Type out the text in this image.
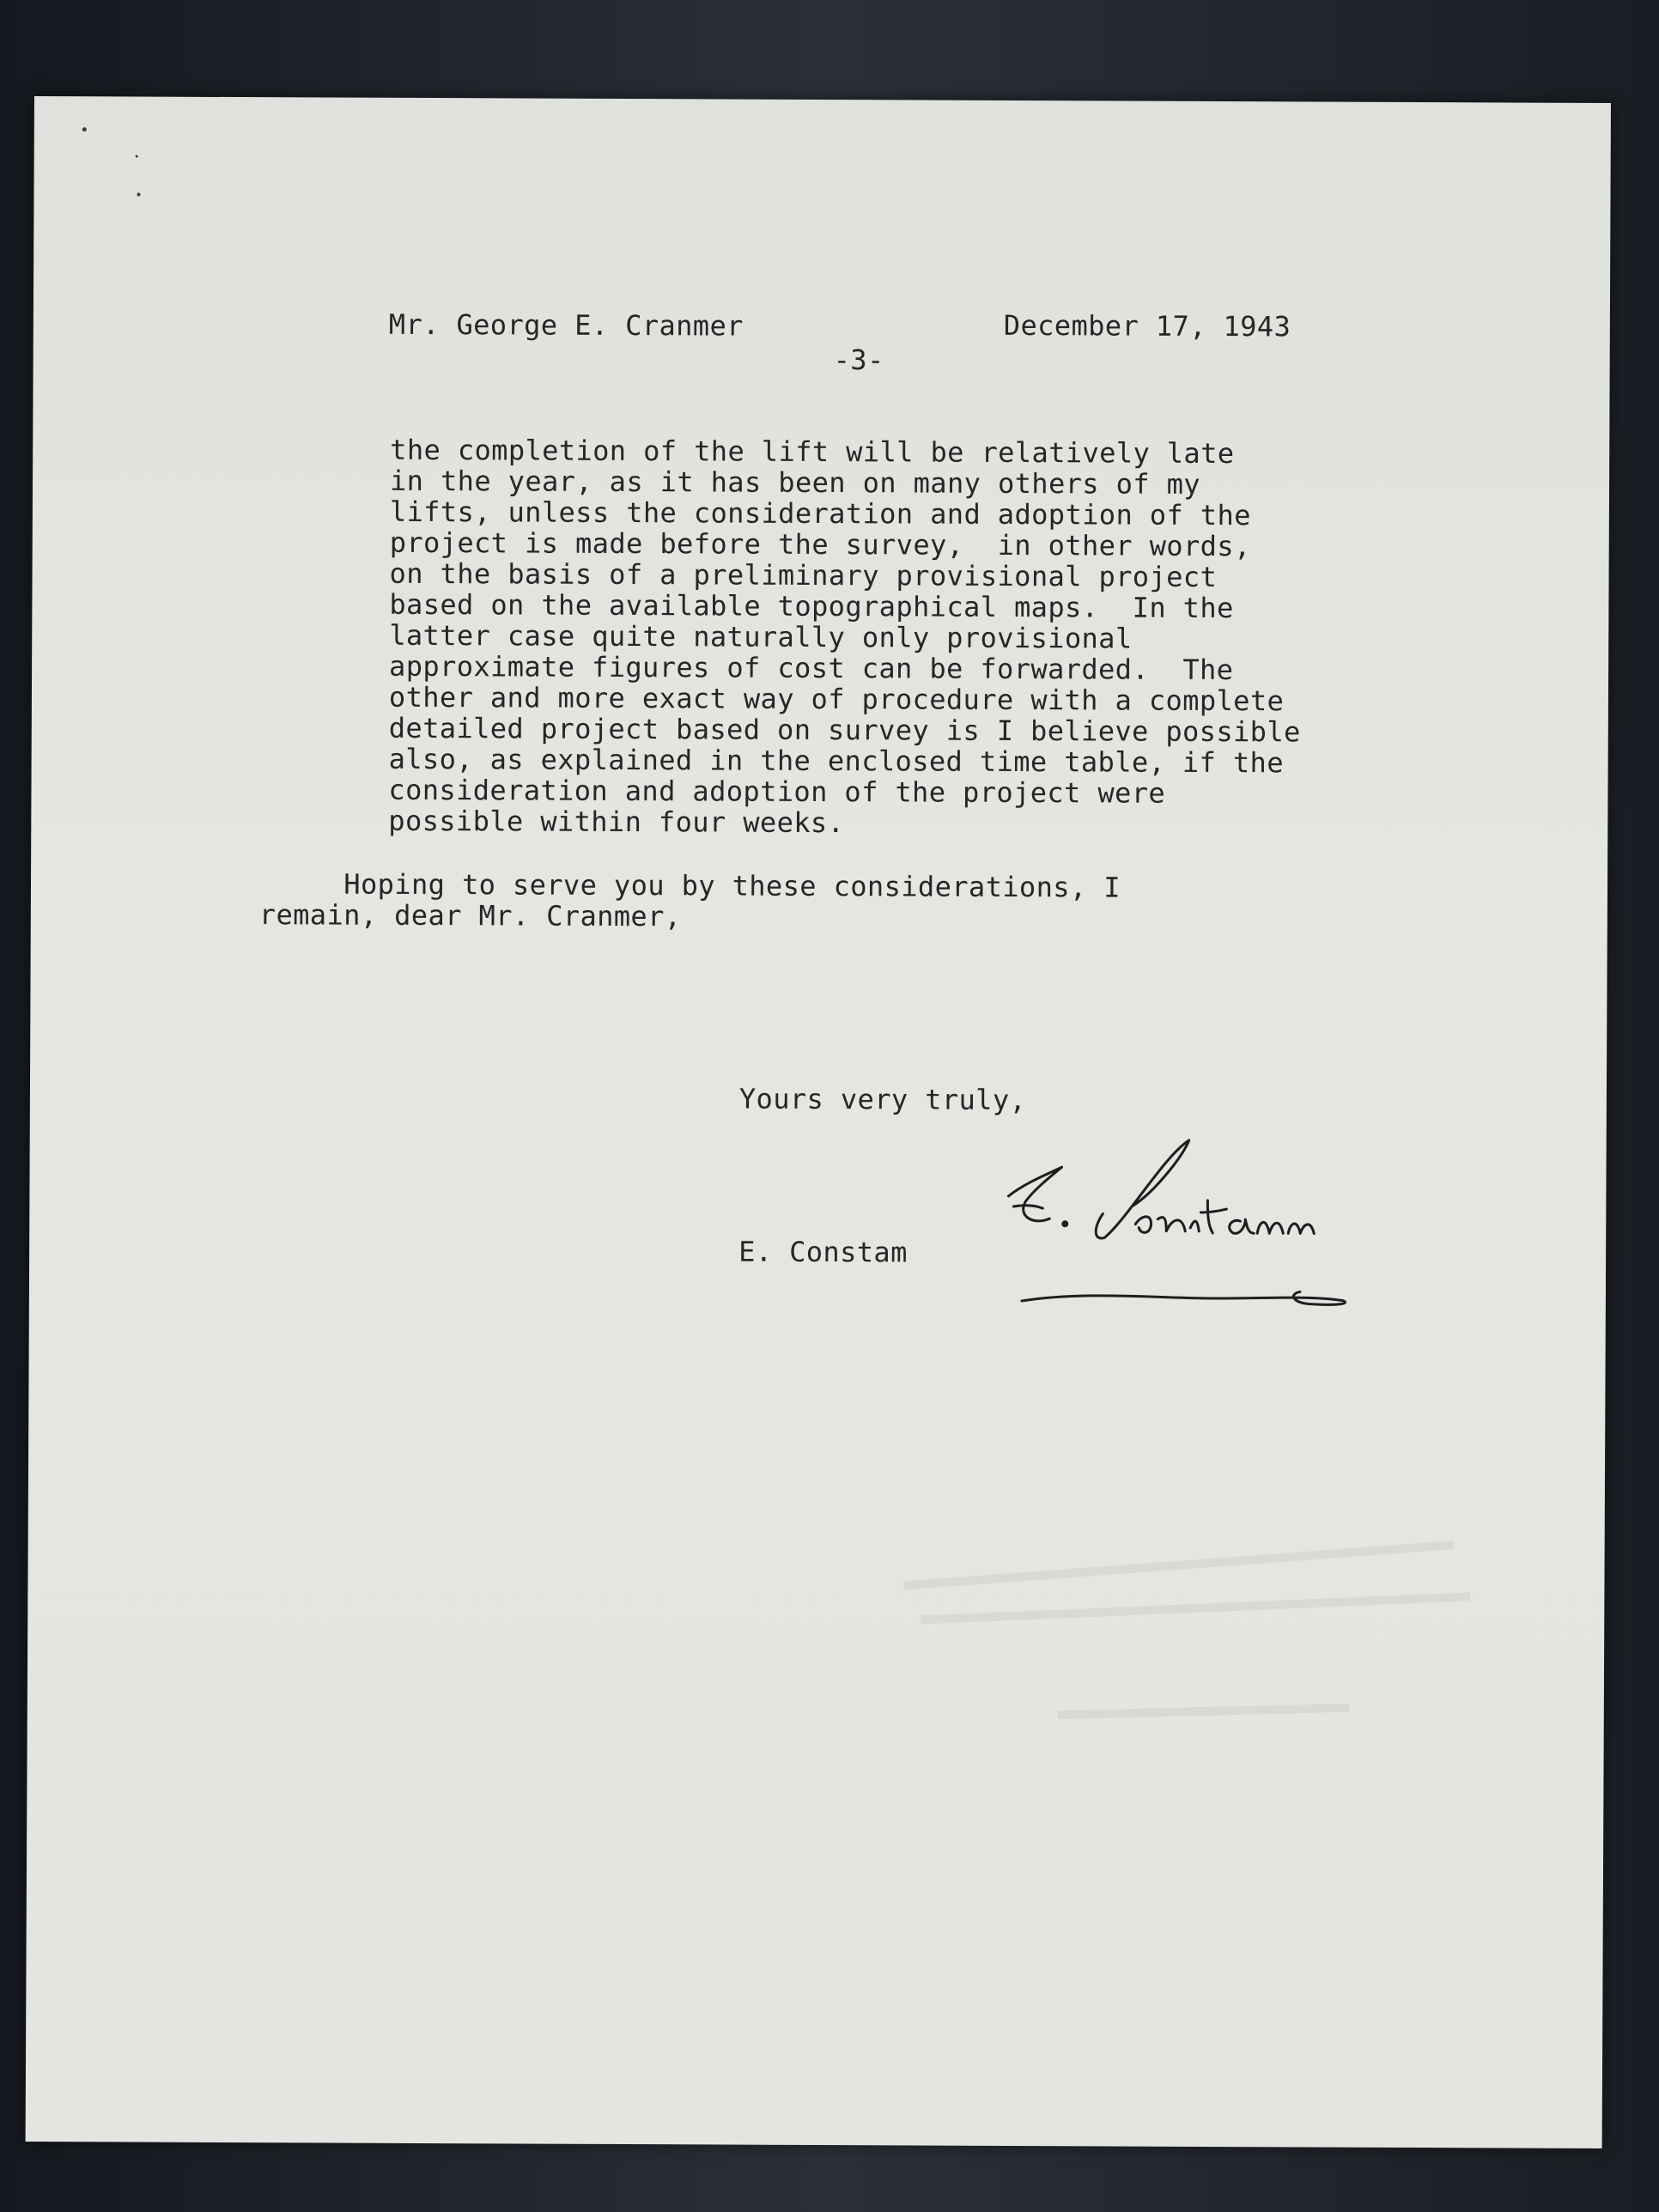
Mr. George E. Cranmer	December 17, 1943
-3-
the completion of the lift will be relatively late
in the year, as it has been on many others of my
lifts, unless the consideration and adoption of the
project is made before the survey,  in other words,
on the basis of a preliminary provisional project
based on the available topographical maps.  In the
latter case quite naturally only provisional
approximate figures of cost can be forwarded.  The
other and more exact way of procedure with a complete
detailed project based on survey is I believe possible
also, as explained in the enclosed time table, if the
consideration and adoption of the project were
possible within four weeks.
Hoping to serve you by these considerations, I
remain, dear Mr. Cranmer,
Yours very truly,
E. Constam
